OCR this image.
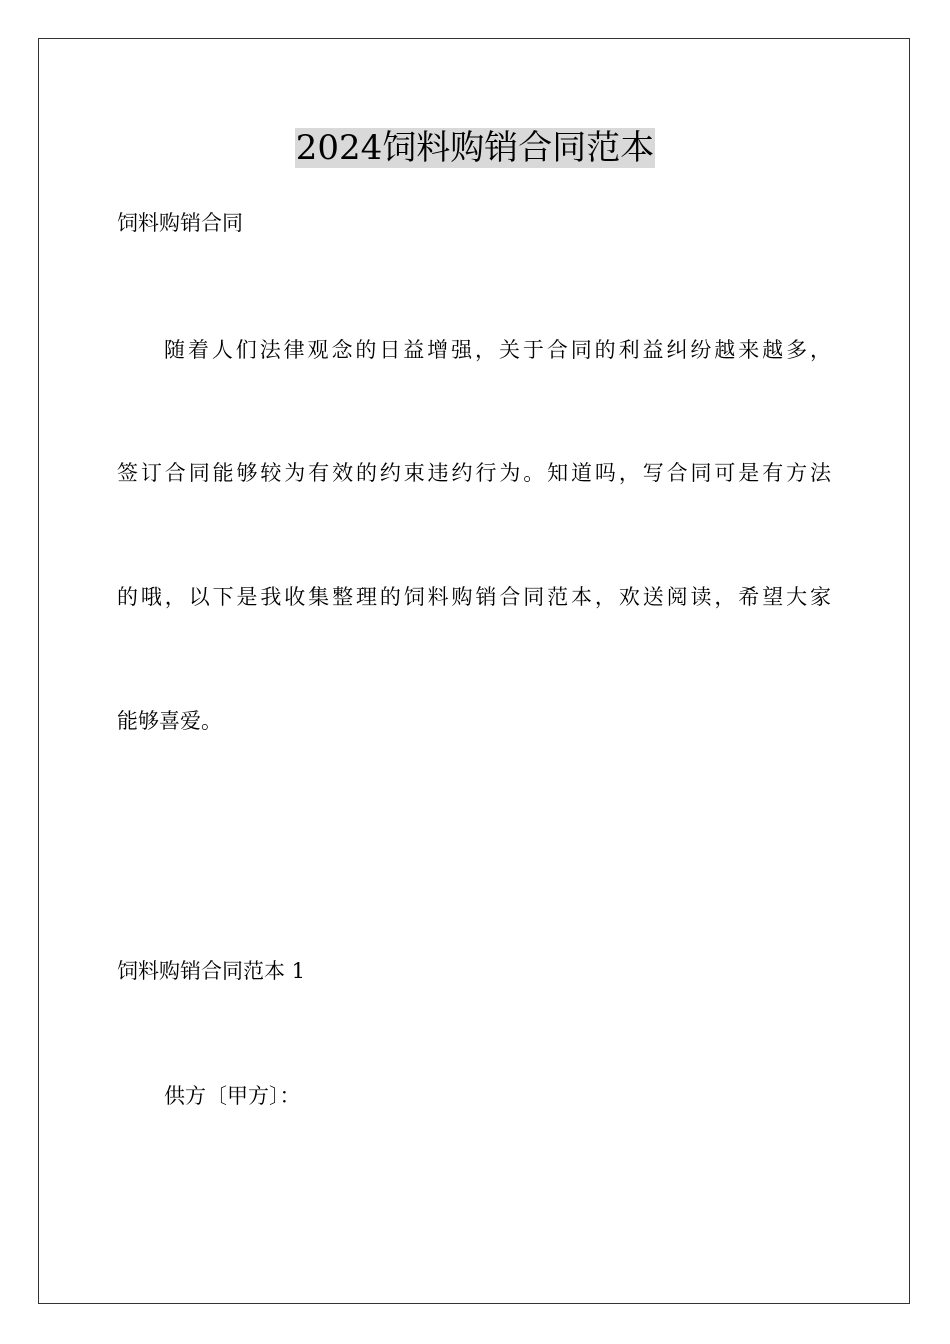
2024饲料购销合同范本

饲料购销合同

随着人们法律观念的日益增强，关于合同的利益纠纷越来越多，

签订合同能够较为有效的约束违约行为。知道吗，写合同可是有方法

的哦，以下是我收集整理的饲料购销合同范本，欢送阅读，希望大家

能够喜爱。

饲料购销合同范本 1

供方〔甲方〕：
